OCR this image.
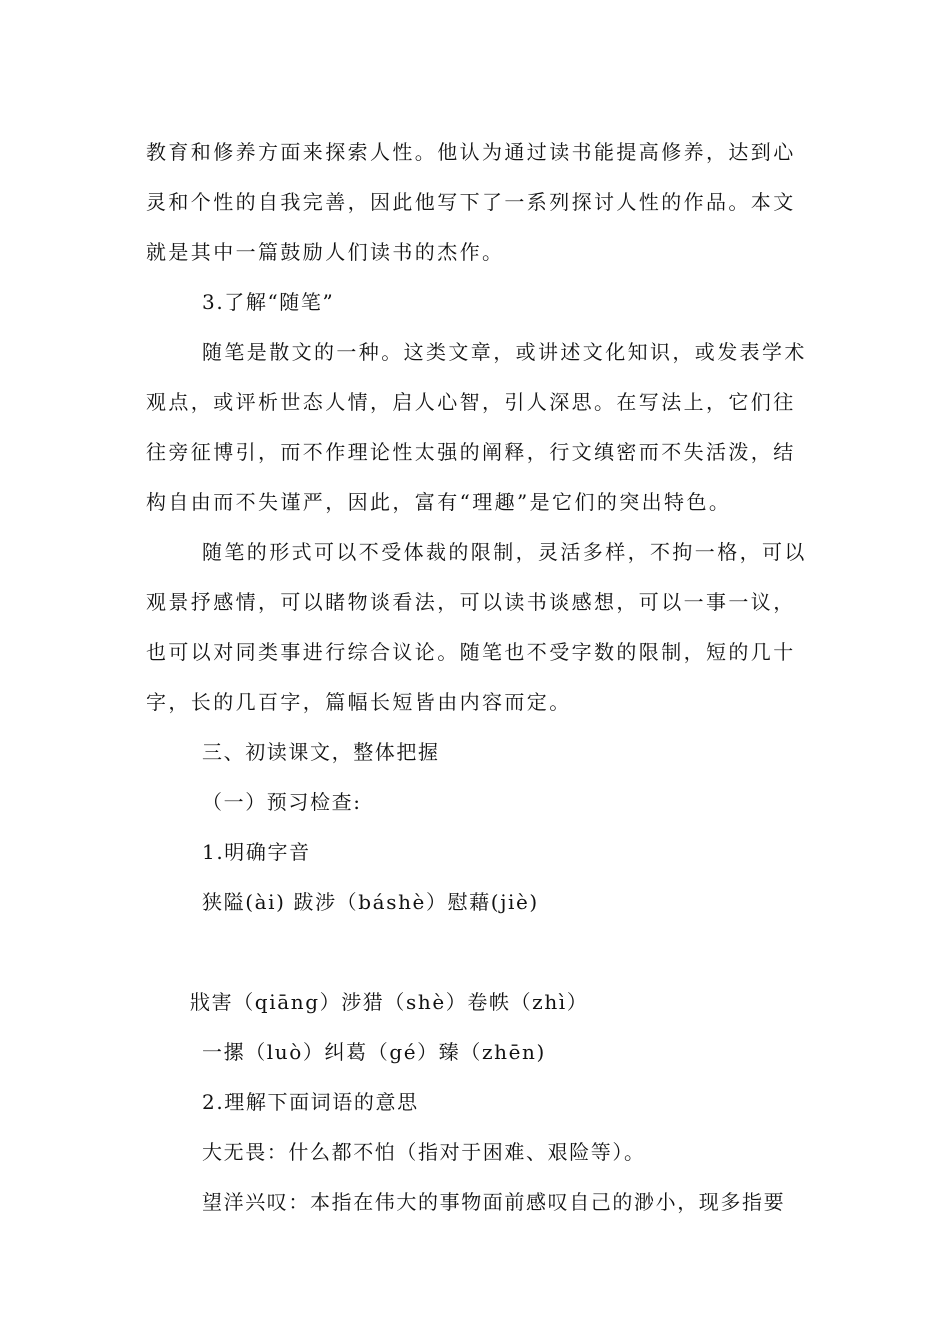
教育和修养方面来探索人性。他认为通过读书能提高修养，达到心
灵和个性的自我完善，因此他写下了一系列探讨人性的作品。本文
就是其中一篇鼓励人们读书的杰作。
3.了解“随笔”
随笔是散文的一种。这类文章，或讲述文化知识，或发表学术
观点，或评析世态人情，启人心智，引人深思。在写法上，它们往
往旁征博引，而不作理论性太强的阐释，行文缜密而不失活泼，结
构自由而不失谨严，因此，富有“理趣”是它们的突出特色。
随笔的形式可以不受体裁的限制，灵活多样，不拘一格，可以
观景抒感情，可以睹物谈看法，可以读书谈感想，可以一事一议，
也可以对同类事进行综合议论。随笔也不受字数的限制，短的几十
字，长的几百字，篇幅长短皆由内容而定。
三、初读课文，整体把握
（一）预习检查:
1.明确字音
狭隘(ài) 跋涉（báshè）慰藉(jiè)
戕害（qiāng）涉猎（shè）卷帙（zhì）
一摞（luò）纠葛（gé）臻（zhēn)
2.理解下面词语的意思
大无畏：什么都不怕（指对于困难、艰险等）。
望洋兴叹：本指在伟大的事物面前感叹自己的渺小，现多指要
